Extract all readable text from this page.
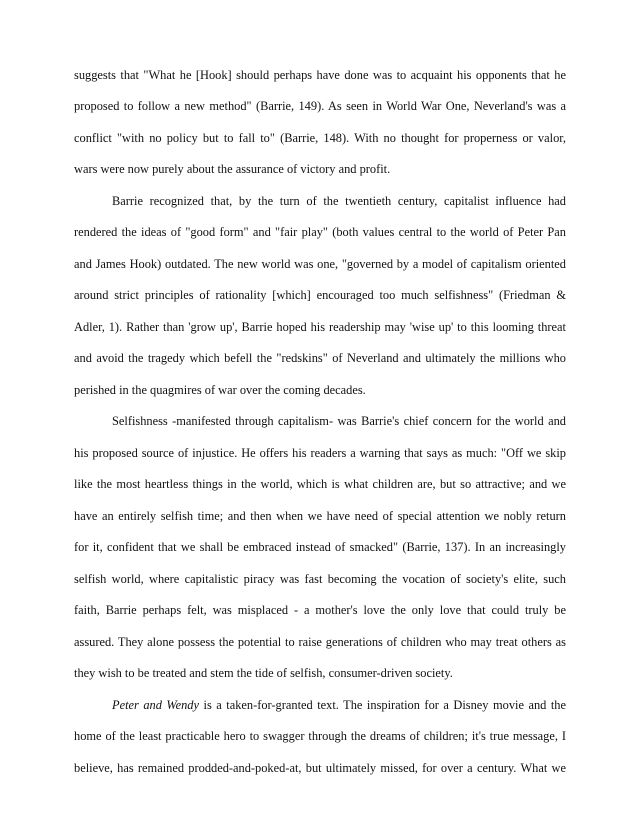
suggests that "What he [Hook] should perhaps have done was to acquaint his opponents that he
proposed to follow a new method" (Barrie, 149). As seen in World War One, Neverland's was a
conflict "with no policy but to fall to" (Barrie, 148). With no thought for properness or valor,
wars were now purely about the assurance of victory and profit.
Barrie recognized that, by the turn of the twentieth century, capitalist influence had
rendered the ideas of "good form" and "fair play" (both values central to the world of Peter Pan
and James Hook) outdated. The new world was one, "governed by a model of capitalism oriented
around strict principles of rationality [which] encouraged too much selfishness" (Friedman &
Adler, 1). Rather than 'grow up', Barrie hoped his readership may 'wise up' to this looming threat
and avoid the tragedy which befell the "redskins" of Neverland and ultimately the millions who
perished in the quagmires of war over the coming decades.
Selfishness -manifested through capitalism- was Barrie's chief concern for the world and
his proposed source of injustice. He offers his readers a warning that says as much: "Off we skip
like the most heartless things in the world, which is what children are, but so attractive; and we
have an entirely selfish time; and then when we have need of special attention we nobly return
for it, confident that we shall be embraced instead of smacked" (Barrie, 137). In an increasingly
selfish world, where capitalistic piracy was fast becoming the vocation of society's elite, such
faith, Barrie perhaps felt, was misplaced - a mother's love the only love that could truly be
assured. They alone possess the potential to raise generations of children who may treat others as
they wish to be treated and stem the tide of selfish, consumer-driven society.
Peter and Wendy is a taken-for-granted text. The inspiration for a Disney movie and the
home of the least practicable hero to swagger through the dreams of children; it's true message, I
believe, has remained prodded-and-poked-at, but ultimately missed, for over a century. What we
